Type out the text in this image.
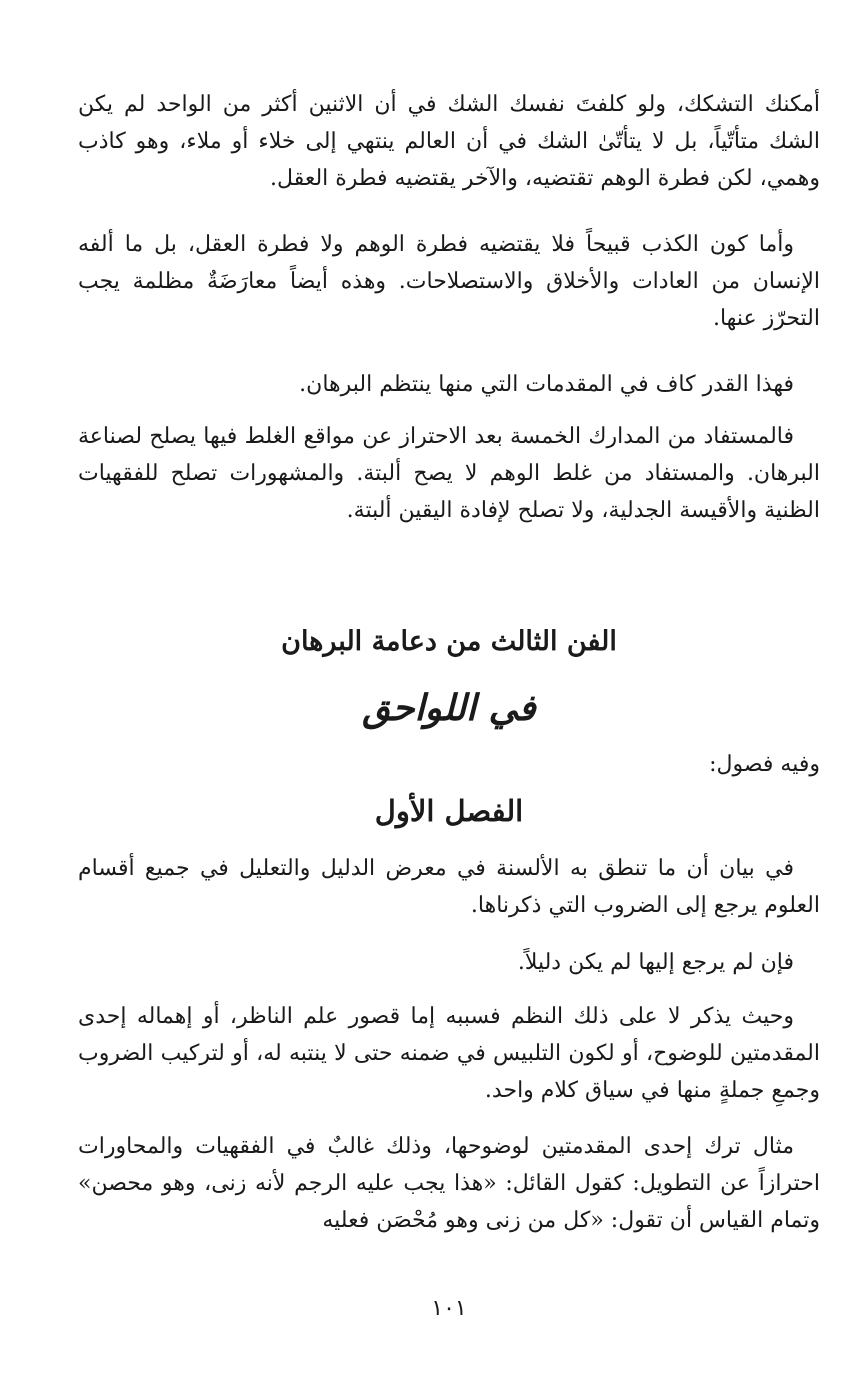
أمكنك التشكك، ولو كلفتَ نفسك الشك في أن الاثنين أكثر من الواحد لم يكن الشك متأتّياً، بل لا يتأتّىٰ الشك في أن العالم ينتهي إلى خلاء أو ملاء، وهو كاذب وهمي، لكن فطرة الوهم تقتضيه، والآخر يقتضيه فطرة العقل.

وأما كون الكذب قبيحاً فلا يقتضيه فطرة الوهم ولا فطرة العقل، بل ما ألفه الإنسان من العادات والأخلاق والاستصلاحات. وهذه أيضاً معارَضَةٌ مظلمة يجب التحرّز عنها.

فهذا القدر كاف في المقدمات التي منها ينتظم البرهان.

فالمستفاد من المدارك الخمسة بعد الاحتراز عن مواقع الغلط فيها يصلح لصناعة البرهان. والمستفاد من غلط الوهم لا يصح ألبتة. والمشهورات تصلح للفقهيات الظنية والأقيسة الجدلية، ولا تصلح لإفادة اليقين ألبتة.

الفن الثالث من دعامة البرهان
في اللواحق

وفيه فصول:

الفصل الأول

في بيان أن ما تنطق به الألسنة في معرض الدليل والتعليل في جميع أقسام العلوم يرجع إلى الضروب التي ذكرناها.

فإن لم يرجع إليها لم يكن دليلاً.

وحيث يذكر لا على ذلك النظم فسببه إما قصور علم الناظر، أو إهماله إحدى المقدمتين للوضوح، أو لكون التلبيس في ضمنه حتى لا ينتبه له، أو لتركيب الضروب وجمعِ جملةٍ منها في سياق كلام واحد.

مثال ترك إحدى المقدمتين لوضوحها، وذلك غالبٌ في الفقهيات والمحاورات احترازاً عن التطويل: كقول القائل: «هذا يجب عليه الرجم لأنه زنى، وهو محصن» وتمام القياس أن تقول: «كل من زنى وهو مُحْصَن فعليه

١٠١
